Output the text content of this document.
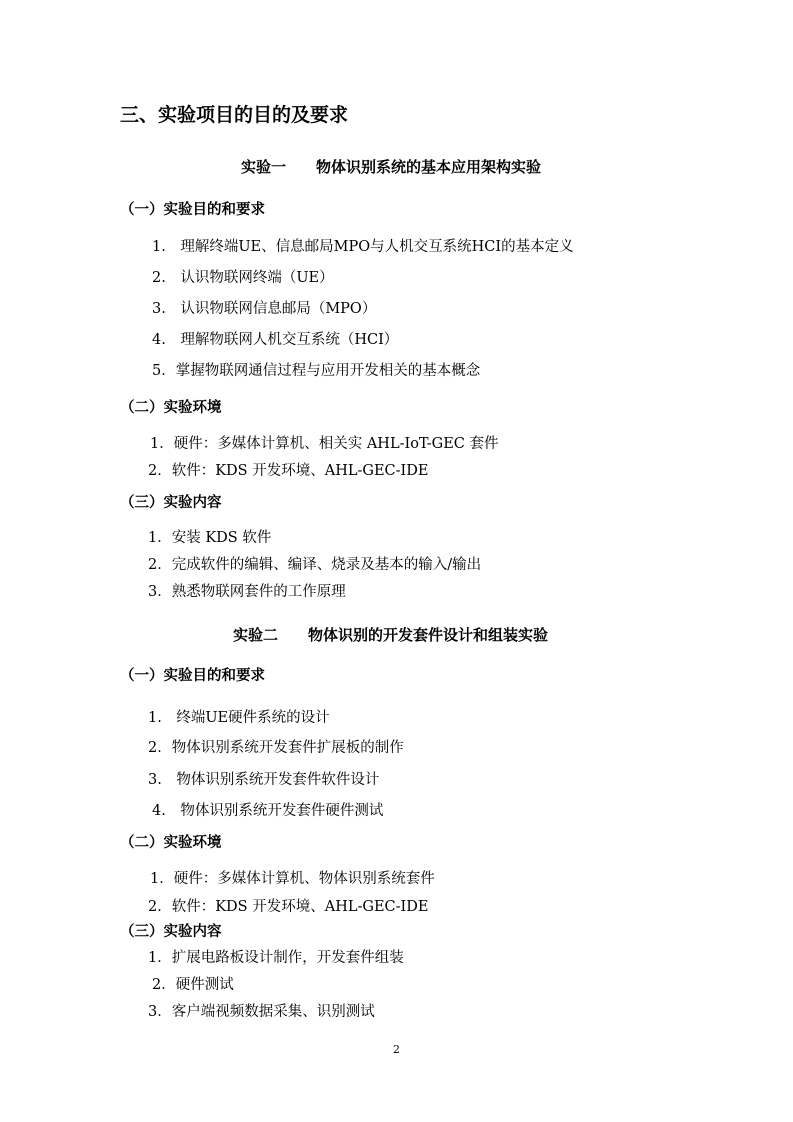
三、实验项目的目的及要求
实验一　　物体识别系统的基本应用架构实验
（一）实验目的和要求
1.　理解终端UE、信息邮局MPO与人机交互系统HCI的基本定义
2.　认识物联网终端（UE）
3.　认识物联网信息邮局（MPO）
4.　理解物联网人机交互系统（HCI）
5．掌握物联网通信过程与应用开发相关的基本概念
（二）实验环境
1．硬件：多媒体计算机、相关实 AHL-IoT-GEC 套件
2．软件：KDS 开发环境、AHL-GEC-IDE
（三）实验内容
1．安装 KDS 软件
2．完成软件的编辑、编译、烧录及基本的输入/输出
3．熟悉物联网套件的工作原理
实验二　　物体识别的开发套件设计和组装实验
（一）实验目的和要求
1.　终端UE硬件系统的设计
2．物体识别系统开发套件扩展板的制作
3.　物体识别系统开发套件软件设计
4.　物体识别系统开发套件硬件测试
（二）实验环境
1．硬件：多媒体计算机、物体识别系统套件
2．软件：KDS 开发环境、AHL-GEC-IDE
（三）实验内容
1．扩展电路板设计制作，开发套件组装
2．硬件测试
3．客户端视频数据采集、识别测试
2
